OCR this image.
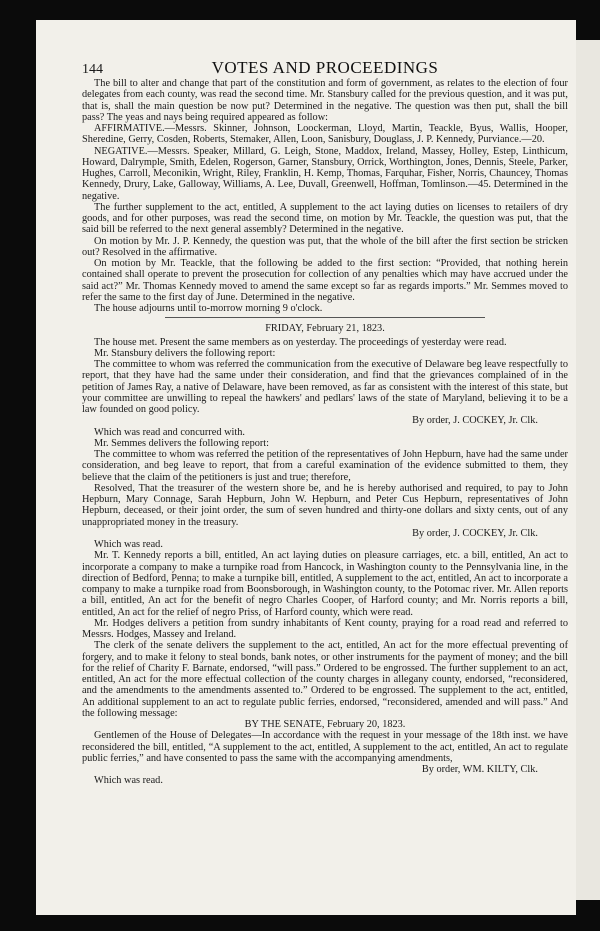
144	VOTES AND PROCEEDINGS

The bill to alter and change that part of the constitution and form of government, as relates to the election of four delegates from each county, was read the second time. Mr. Stansbury called for the previous question, and it was put, that is, shall the main question be now put? Determined in the negative. The question was then put, shall the bill pass? The yeas and nays being required appeared as follow:

AFFIRMATIVE.—Messrs. Skinner, Johnson, Loockerman, Lloyd, Martin, Teackle, Byus, Wallis, Hooper, Sheredine, Gerry, Cosden, Roberts, Stemaker, Allen, Loon, Sanisbury, Douglass, J. P. Kennedy, Purviance.—20.

NEGATIVE.—Messrs. Speaker, Millard, G. Leigh, Stone, Maddox, Ireland, Massey, Holley, Estep, Linthicum, Howard, Dalrymple, Smith, Edelen, Rogerson, Garner, Stansbury, Orrick, Worthington, Jones, Dennis, Steele, Parker, Hughes, Carroll, Meconikin, Wright, Riley, Franklin, H. Kemp, Thomas, Farquhar, Fisher, Norris, Chauncey, Thomas Kennedy, Drury, Lake, Galloway, Williams, A. Lee, Duvall, Greenwell, Hoffman, Tomlinson.—45. Determined in the negative.

The further supplement to the act, entitled, A supplement to the act laying duties on licenses to retailers of dry goods, and for other purposes, was read the second time, on motion by Mr. Teackle, the question was put, that the said bill be referred to the next general assembly? Determined in the negative.

On motion by Mr. J. P. Kennedy, the question was put, that the whole of the bill after the first section be stricken out? Resolved in the affirmative.

On motion by Mr. Teackle, that the following be added to the first section: “Provided, that nothing herein contained shall operate to prevent the prosecution for collection of any penalties which may have accrued under the said act?” Mr. Thomas Kennedy moved to amend the same except so far as regards imports.” Mr. Semmes moved to refer the same to the first day of June. Determined in the negative.

The house adjourns until to-morrow morning 9 o'clock.

FRIDAY, February 21, 1823.

The house met. Present the same members as on yesterday. The proceedings of yesterday were read.

Mr. Stansbury delivers the following report:

The committee to whom was referred the communication from the executive of Delaware beg leave respectfully to report, that they have had the same under their consideration, and find that the grievances complained of in the petition of James Ray, a native of Delaware, have been removed, as far as consistent with the interest of this state, but your committee are unwilling to repeal the hawkers' and pedlars' laws of the state of Maryland, believing it to be a law founded on good policy.

By order, J. COCKEY, Jr. Clk.

Which was read and concurred with.

Mr. Semmes delivers the following report:

The committee to whom was referred the petition of the representatives of John Hepburn, have had the same under consideration, and beg leave to report, that from a careful examination of the evidence submitted to them, they believe that the claim of the petitioners is just and true; therefore,

Resolved, That the treasurer of the western shore be, and he is hereby authorised and required, to pay to John Hepburn, Mary Connage, Sarah Hepburn, John W. Hepburn, and Peter Cus Hepburn, representatives of John Hepburn, deceased, or their joint order, the sum of seven hundred and thirty-one dollars and sixty cents, out of any unappropriated money in the treasury.

By order, J. COCKEY, Jr. Clk.

Which was read.

Mr. T. Kennedy reports a bill, entitled, An act laying duties on pleasure carriages, etc. a bill, entitled, An act to incorporate a company to make a turnpike road from Hancock, in Washington county to the Pennsylvania line, in the direction of Bedford, Penna; to make a turnpike bill, entitled, A supplement to the act, entitled, An act to incorporate a company to make a turnpike road from Boonsborough, in Washington county, to the Potomac river. Mr. Allen reports a bill, entitled, An act for the benefit of negro Charles Cooper, of Harford county; and Mr. Norris reports a bill, entitled, An act for the relief of negro Priss, of Harford county, which were read.

Mr. Hodges delivers a petition from sundry inhabitants of Kent county, praying for a road read and referred to Messrs. Hodges, Massey and Ireland.

The clerk of the senate delivers the supplement to the act, entitled, An act for the more effectual preventing of forgery, and to make it felony to steal bonds, bank notes, or other instruments for the payment of money; and the bill for the relief of Charity F. Barnate, endorsed, “will pass.” Ordered to be engrossed. The further supplement to an act, entitled, An act for the more effectual collection of the county charges in allegany county, endorsed, “reconsidered, and the amendments to the amendments assented to.” Ordered to be engrossed. The supplement to the act, entitled, An additional supplement to an act to regulate public ferries, endorsed, “reconsidered, amended and will pass.” And the following message:

BY THE SENATE, February 20, 1823.

Gentlemen of the House of Delegates—In accordance with the request in your message of the 18th inst. we have reconsidered the bill, entitled, “A supplement to the act, entitled, A supplement to the act, entitled, An act to regulate public ferries,” and have consented to pass the same with the accompanying amendments,

By order, WM. KILTY, Clk.

Which was read.
